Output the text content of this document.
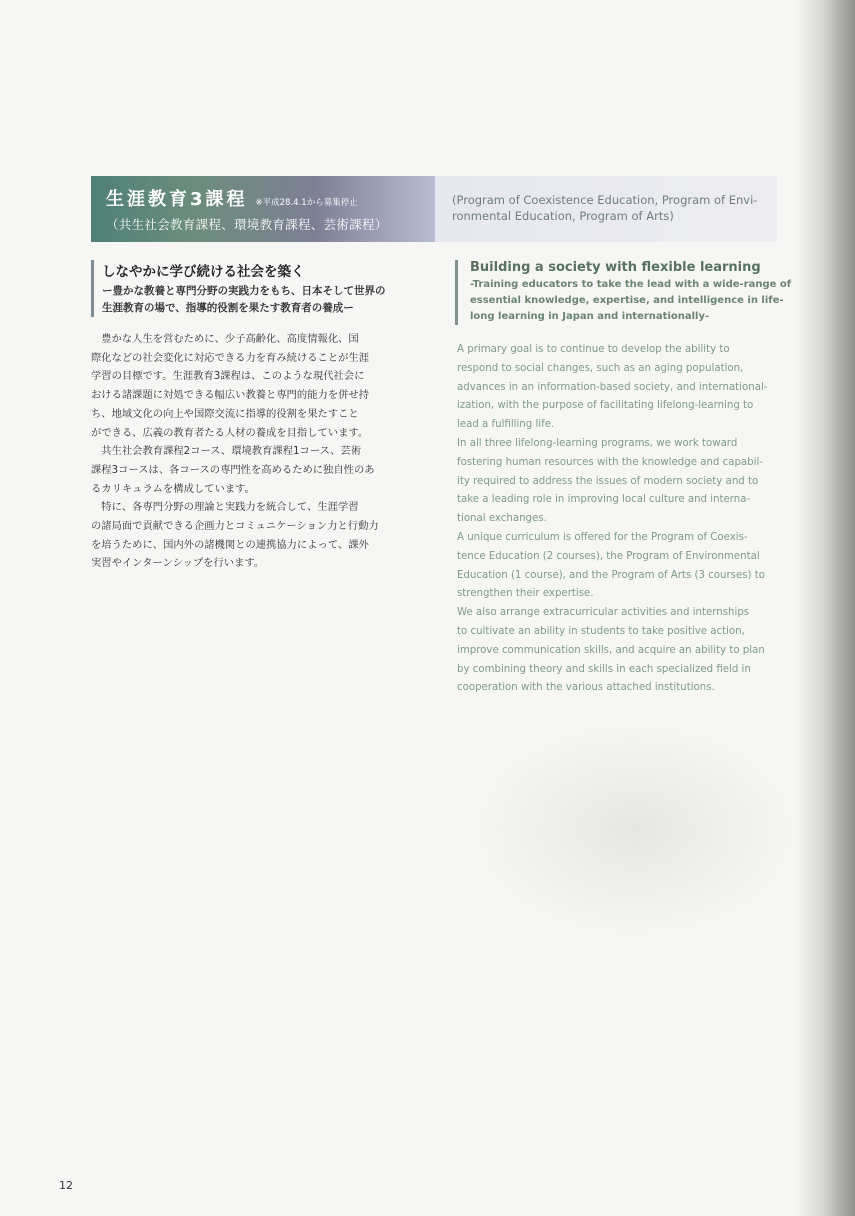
生涯教育3課程 ※平成28.4.1から募集停止
（共生社会教育課程、環境教育課程、芸術課程）
(Program of Coexistence Education, Program of Envi-
ronmental Education, Program of Arts)
しなやかに学び続ける社会を築く
ー豊かな教養と専門分野の実践力をもち、日本そして世界の
生涯教育の場で、指導的役割を果たす教育者の養成ー

　豊かな人生を営むために、少子高齢化、高度情報化、国
際化などの社会変化に対応できる力を育み続けることが生涯
学習の目標です。生涯教育3課程は、このような現代社会に
おける諸課題に対処できる幅広い教養と専門的能力を併せ持
ち、地域文化の向上や国際交流に指導的役割を果たすこと
ができる、広義の教育者たる人材の養成を目指しています。

　共生社会教育課程2コース、環境教育課程1コース、芸術
課程3コースは、各コースの専門性を高めるために独自性のあ
るカリキュラムを構成しています。

　特に、各専門分野の理論と実践力を統合して、生涯学習
の諸局面で貢献できる企画力とコミュニケーション力と行動力
を培うために、国内外の諸機関との連携協力によって、課外
実習やインターンシップを行います。

Building a society with flexible learning
-Training educators to take the lead with a wide-range of
essential knowledge, expertise, and intelligence in life-
long learning in Japan and internationally-

A primary goal is to continue to develop the ability to
respond to social changes, such as an aging population,
advances in an information-based society, and international-
ization, with the purpose of facilitating lifelong-learning to
lead a fulfilling life.

In all three lifelong-learning programs, we work toward
fostering human resources with the knowledge and capabil-
ity required to address the issues of modern society and to
take a leading role in improving local culture and interna-
tional exchanges.

A unique curriculum is offered for the Program of Coexis-
tence Education (2 courses), the Program of Environmental
Education (1 course), and the Program of Arts (3 courses) to
strengthen their expertise.

We also arrange extracurricular activities and internships
to cultivate an ability in students to take positive action,
improve communication skills, and acquire an ability to plan
by combining theory and skills in each specialized field in
cooperation with the various attached institutions.

12
